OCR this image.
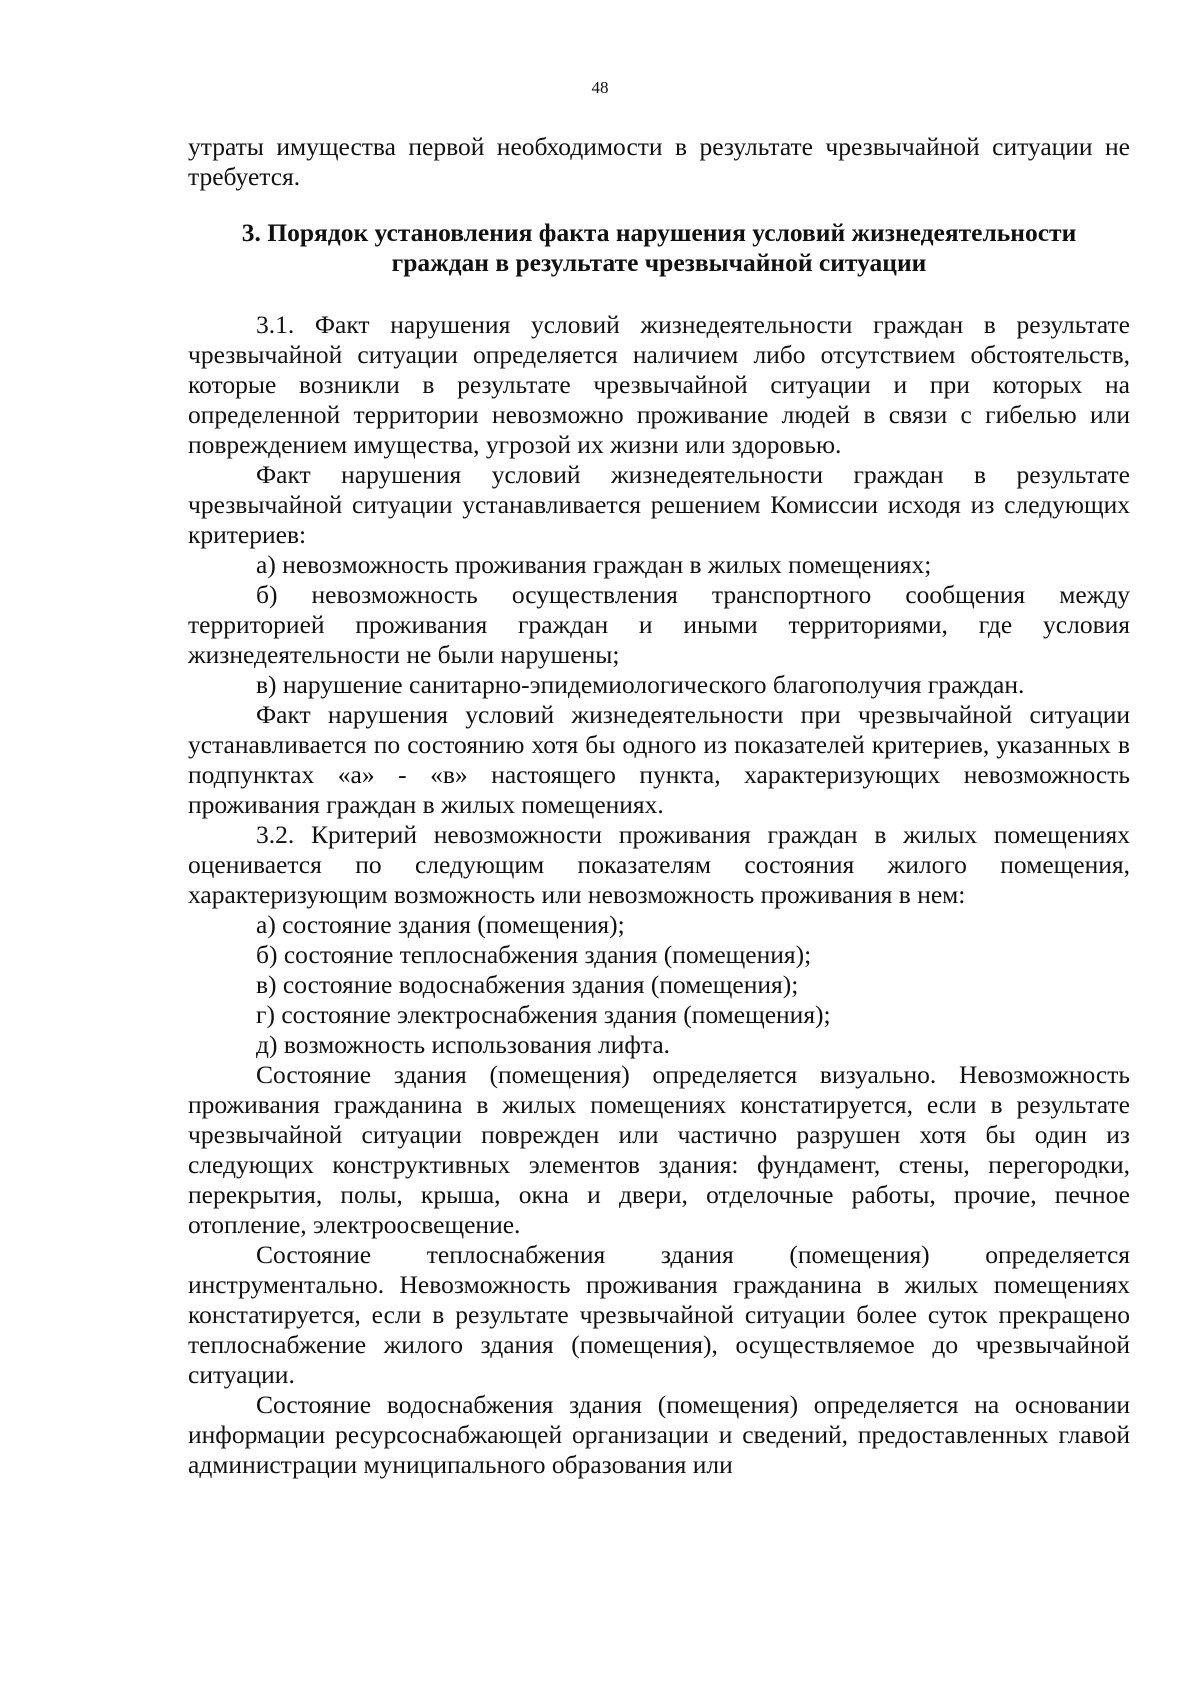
48

утраты имущества первой необходимости в результате чрезвычайной ситуации не требуется.

3. Порядок установления факта нарушения условий жизнедеятельности
граждан в результате чрезвычайной ситуации

3.1. Факт нарушения условий жизнедеятельности граждан в результате чрезвычайной ситуации определяется наличием либо отсутствием обстоятельств, которые возникли в результате чрезвычайной ситуации и при которых на определенной территории невозможно проживание людей в связи с гибелью или повреждением имущества, угрозой их жизни или здоровью.

Факт нарушения условий жизнедеятельности граждан в результате чрезвычайной ситуации устанавливается решением Комиссии исходя из следующих критериев:

а) невозможность проживания граждан в жилых помещениях;

б) невозможность осуществления транспортного сообщения между территорией проживания граждан и иными территориями, где условия жизнедеятельности не были нарушены;

в) нарушение санитарно-эпидемиологического благополучия граждан.

Факт нарушения условий жизнедеятельности при чрезвычайной ситуации устанавливается по состоянию хотя бы одного из показателей критериев, указанных в подпунктах «а» - «в» настоящего пункта, характеризующих невозможность проживания граждан в жилых помещениях.

3.2. Критерий невозможности проживания граждан в жилых помещениях оценивается по следующим показателям состояния жилого помещения, характеризующим возможность или невозможность проживания в нем:

а) состояние здания (помещения);

б) состояние теплоснабжения здания (помещения);

в) состояние водоснабжения здания (помещения);

г) состояние электроснабжения здания (помещения);

д) возможность использования лифта.

Состояние здания (помещения) определяется визуально. Невозможность проживания гражданина в жилых помещениях констатируется, если в результате чрезвычайной ситуации поврежден или частично разрушен хотя бы один из следующих конструктивных элементов здания: фундамент, стены, перегородки, перекрытия, полы, крыша, окна и двери, отделочные работы, прочие, печное отопление, электроосвещение.

Состояние теплоснабжения здания (помещения) определяется инструментально. Невозможность проживания гражданина в жилых помещениях констатируется, если в результате чрезвычайной ситуации более суток прекращено теплоснабжение жилого здания (помещения), осуществляемое до чрезвычайной ситуации.

Состояние водоснабжения здания (помещения) определяется на основании информации ресурсоснабжающей организации и сведений, предоставленных главой администрации муниципального образования или
